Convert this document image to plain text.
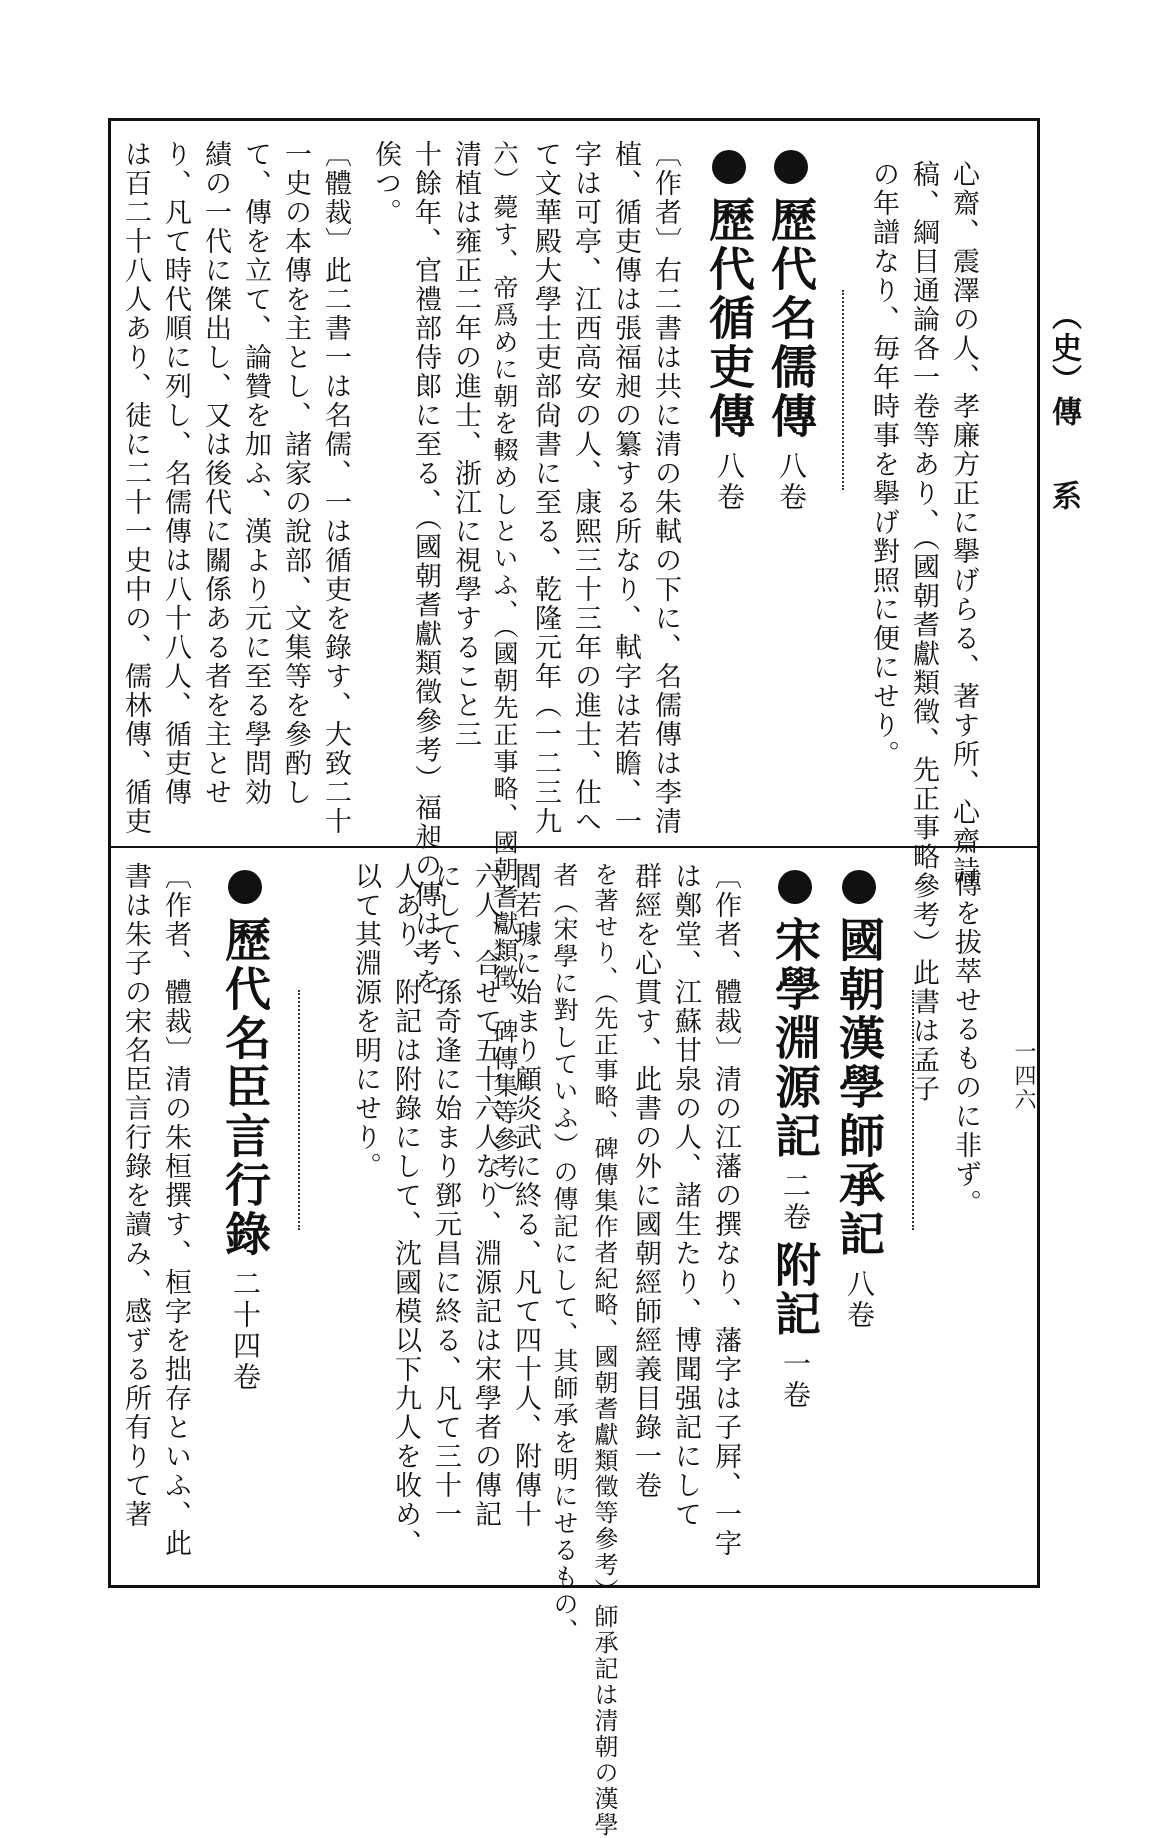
（史）
傳　系
一四六
心齋、震澤の人、孝廉方正に擧げらる、著す所、心齋詩
稿、綱目通論各一卷等あり、（國朝耆獻類徵、先正事略參考）此書は孟子
の年譜なり、毎年時事を擧げ對照に便にせり。
歷代名儒傳八卷
歷代循吏傳八卷
〔作者〕右二書は共に清の朱軾の下に、名儒傳は李清
植、循吏傳は張福昶の纂する所なり、軾字は若瞻、一
字は可亭、江西高安の人、康熙三十三年の進士、仕へ
て文華殿大學士吏部尙書に至る、乾隆元年（一二三九
六）薨す、帝爲めに朝を輟めしといふ、（國朝先正事略、國朝耆獻類徵、碑傳集等參考）
清植は雍正二年の進士、浙江に視學すること三
十餘年、官禮部侍郞に至る、（國朝耆獻類徵參考）福昶の傳は考を
俟つ。
〔體裁〕此二書一は名儒、一は循吏を錄す、大致二十
一史の本傳を主とし、諸家の說部、文集等を參酌し
て、傳を立て、論贊を加ふ、漢より元に至る學問効
績の一代に傑出し、又は後代に關係ある者を主とせ
り、凡て時代順に列し、名儒傳は八十八人、循吏傳
は百二十八人あり、徒に二十一史中の、儒林傳、循吏
傳を拔萃せるものに非ず。
國朝漢學師承記八卷
宋學淵源記二卷附記一卷
〔作者、體裁〕清の江藩の撰なり、藩字は子屛、一字
は鄭堂、江蘇甘泉の人、諸生たり、博聞强記にして
群經を心貫す、此書の外に國朝經師經義目錄一卷
を著せり、（先正事略、碑傳集作者紀略、國朝耆獻類徵等參考）師承記は清朝の漢學
者（宋學に對していふ）の傳記にして、其師承を明にせるもの、
閻若璩に始まり顧炎武に終る、凡て四十人、附傳十
六人、合せて五十六人なり、淵源記は宋學者の傳記
にして、孫奇逢に始まり鄧元昌に終る、凡て三十一
人あり、附記は附錄にして、沈國模以下九人を收め、
以て其淵源を明にせり。
歷代名臣言行錄二十四卷
〔作者、體裁〕清の朱桓撰す、桓字を拙存といふ、此
書は朱子の宋名臣言行錄を讀み、感ずる所有りて著
